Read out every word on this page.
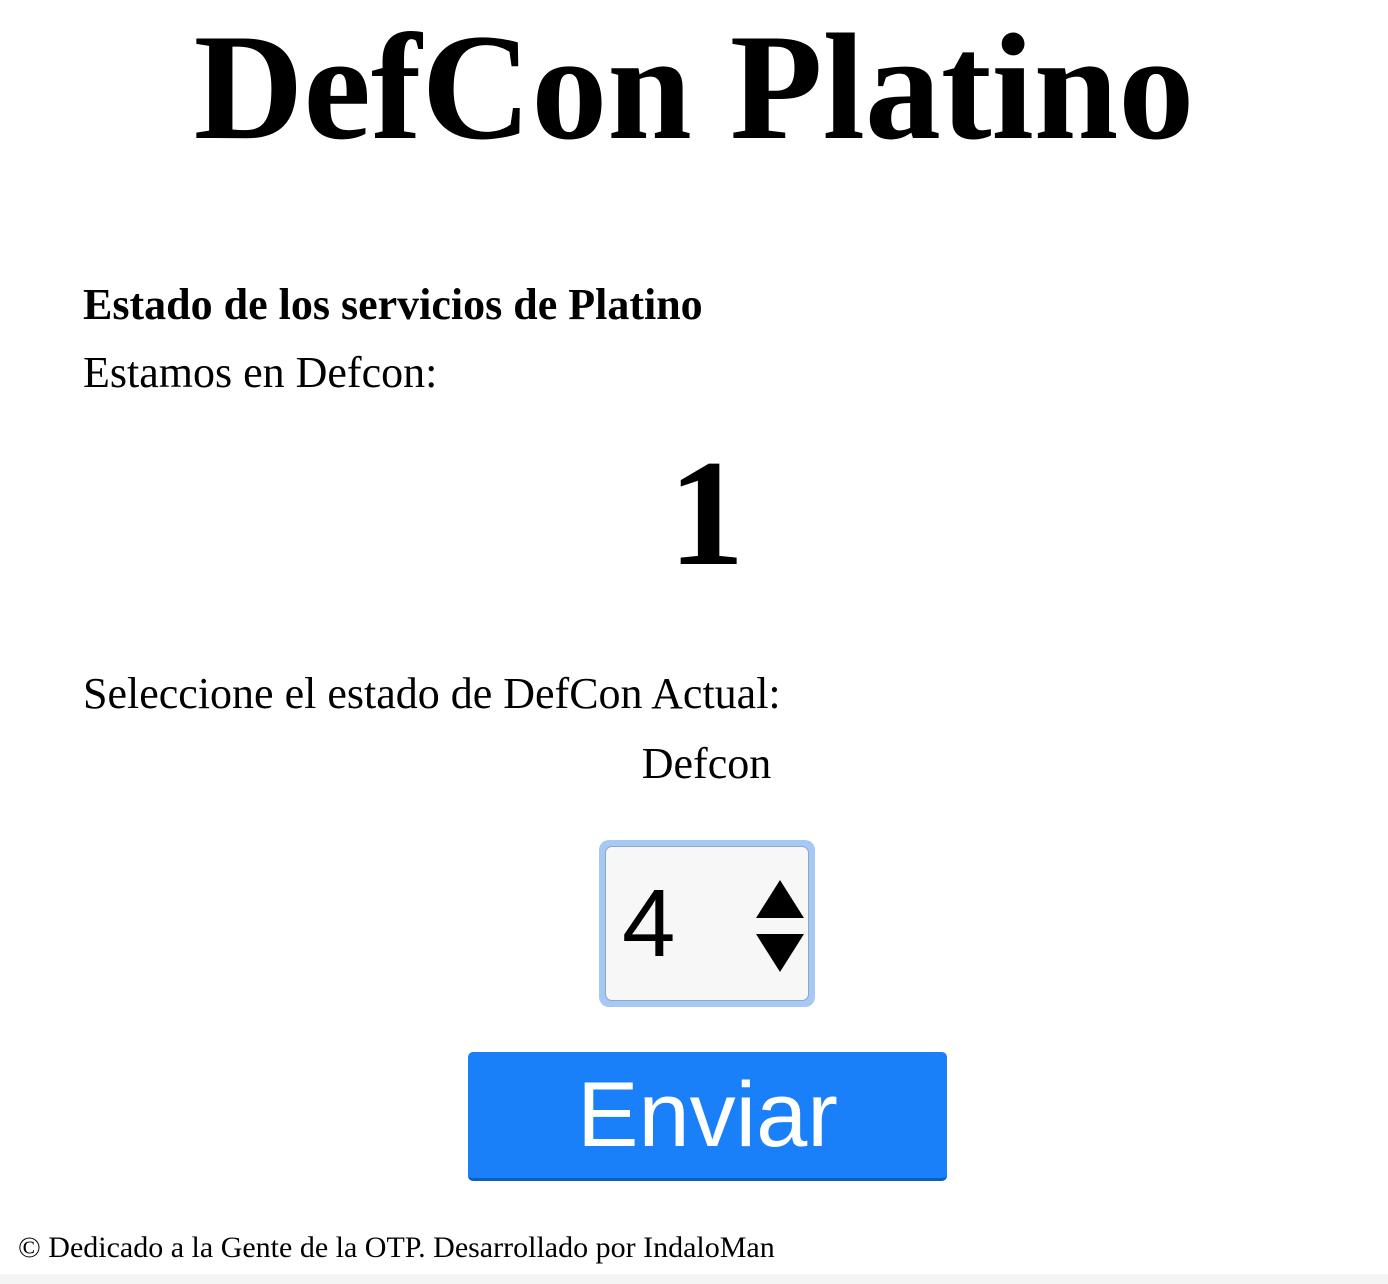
DefCon Platino
Estado de los servicios de Platino
Estamos en Defcon:
1
Seleccione el estado de DefCon Actual:
Defcon
4
Enviar
© Dedicado a la Gente de la OTP. Desarrollado por IndaloMan
